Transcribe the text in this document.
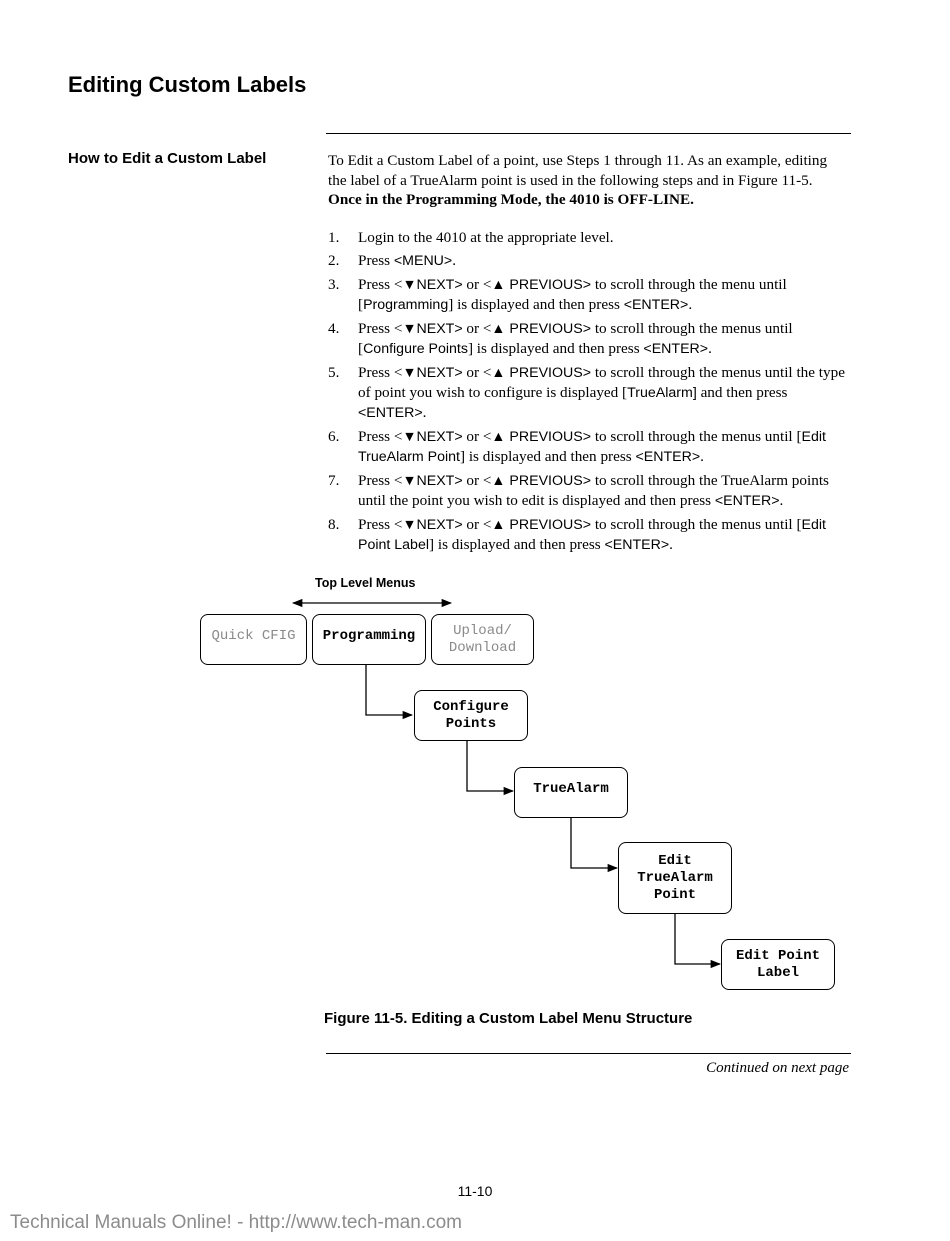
Editing Custom Labels
How to Edit a Custom Label	To Edit a Custom Label of a point, use Steps 1 through 11. As an example, editing the label of a TrueAlarm point is used in the following steps and in Figure 11-5.  Once in the Programming Mode, the 4010 is OFF-LINE.
1. Login to the 4010 at the appropriate level.
2. Press <MENU>.
3. Press <▼NEXT> or <▲ PREVIOUS> to scroll through the menu until [Programming] is displayed and then press <ENTER>.
4. Press <▼NEXT> or <▲ PREVIOUS> to scroll through the menus until [Configure Points] is displayed and then press <ENTER>.
5. Press <▼NEXT> or <▲ PREVIOUS> to scroll through the menus until the type of point you wish to configure is displayed [TrueAlarm] and then press <ENTER>.
6. Press <▼NEXT> or <▲ PREVIOUS> to scroll through the menus until [Edit TrueAlarm Point] is displayed and then press <ENTER>.
7. Press <▼NEXT> or <▲ PREVIOUS> to scroll through the TrueAlarm points until the point you wish to edit is displayed and then press <ENTER>.
8. Press <▼NEXT> or <▲ PREVIOUS> to scroll through the menus until [Edit Point Label] is displayed and then press <ENTER>.
Top Level Menus
Quick CFIG	Programming	Upload/
Download
Configure
Points
TrueAlarm
Edit
TrueAlarm
Point
Edit Point
Label
Figure 11-5. Editing a Custom Label Menu Structure
Continued on next page
11-10
Technical Manuals Online! - http://www.tech-man.com
